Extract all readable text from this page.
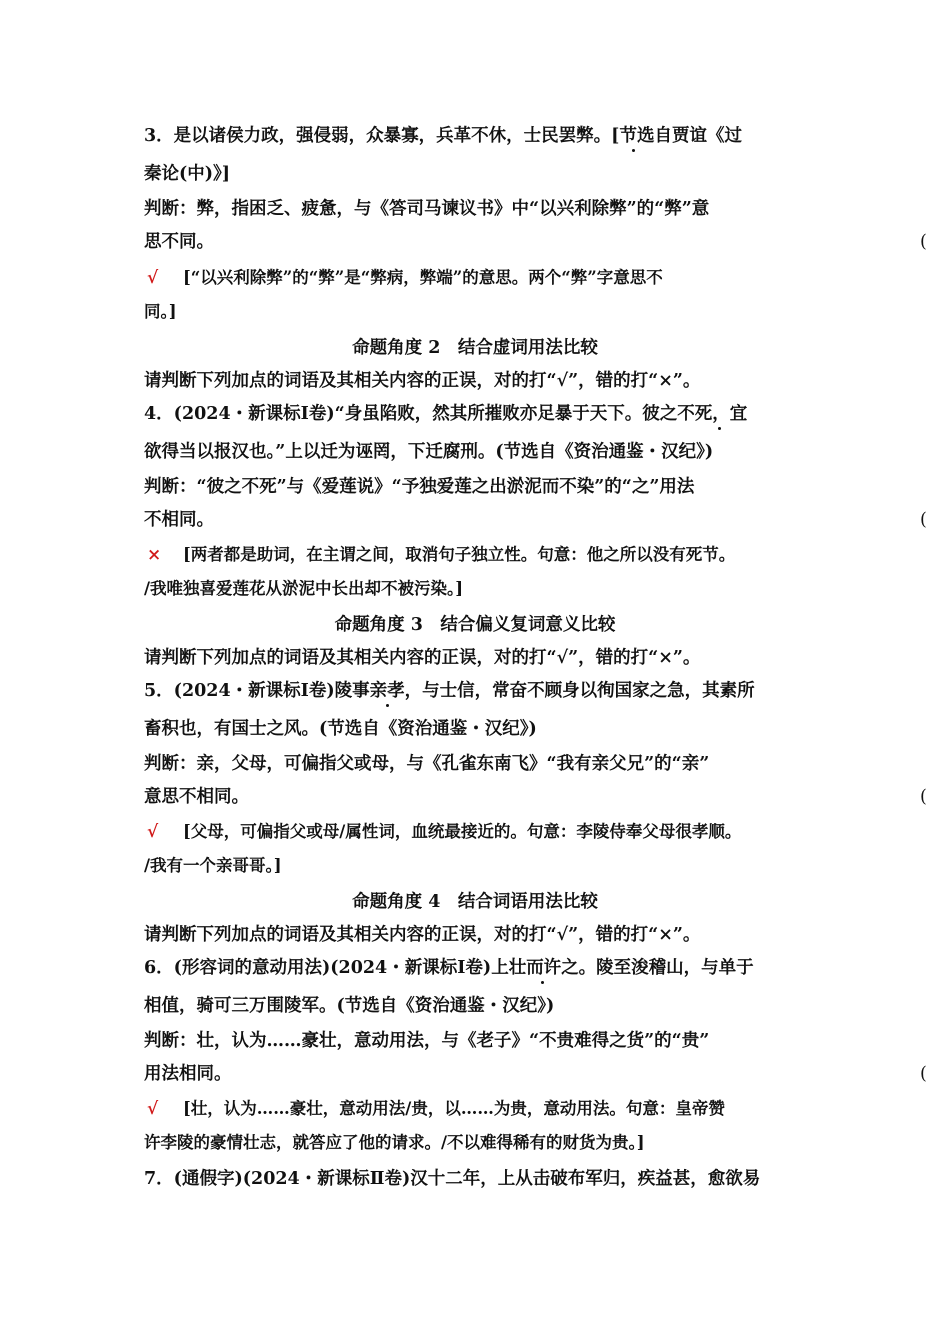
3．是以诸侯力政，强侵弱，众暴寡，兵革不休，士民罢弊。[节选自贾谊《过
秦论(中)》]
判断：弊，指困乏、疲惫，与《答司马谏议书》中“以兴利除弊”的“弊”意
思不同。	(
√ [“以兴利除弊”的“弊”是“弊病，弊端”的意思。两个“弊”字意思不
同。]
命题角度 2　结合虚词用法比较
请判断下列加点的词语及其相关内容的正误，对的打“√”，错的打“×”。
4．(2024・新课标Ⅰ卷)“身虽陷败，然其所摧败亦足暴于天下。彼之不死，宜
欲得当以报汉也。”上以迁为诬罔，下迁腐刑。(节选自《资治通鉴・汉纪》)
判断：“彼之不死”与《爱莲说》“予独爱莲之出淤泥而不染”的“之”用法
不相同。	(
× [两者都是助词，在主谓之间，取消句子独立性。句意：他之所以没有死节。
/我唯独喜爱莲花从淤泥中长出却不被污染。]
命题角度 3　结合偏义复词意义比较
请判断下列加点的词语及其相关内容的正误，对的打“√”，错的打“×”。
5．(2024・新课标Ⅰ卷)陵事亲孝，与士信，常奋不顾身以徇国家之急，其素所
畜积也，有国士之风。(节选自《资治通鉴・汉纪》)
判断：亲，父母，可偏指父或母，与《孔雀东南飞》“我有亲父兄”的“亲”
意思不相同。	(
√ [父母，可偏指父或母/属性词，血统最接近的。句意：李陵侍奉父母很孝顺。
/我有一个亲哥哥。]
命题角度 4　结合词语用法比较
请判断下列加点的词语及其相关内容的正误，对的打“√”，错的打“×”。
6．(形容词的意动用法)(2024・新课标Ⅰ卷)上壮而许之。陵至浚稽山，与单于
相值，骑可三万围陵军。(节选自《资治通鉴・汉纪》)
判断：壮，认为……豪壮，意动用法，与《老子》“不贵难得之货”的“贵”
用法相同。	(
√ [壮，认为……豪壮，意动用法/贵，以……为贵，意动用法。句意：皇帝赞
许李陵的豪情壮志，就答应了他的请求。/不以难得稀有的财货为贵。]
7．(通假字)(2024・新课标Ⅱ卷)汉十二年，上从击破布军归，疾益甚，愈欲易
